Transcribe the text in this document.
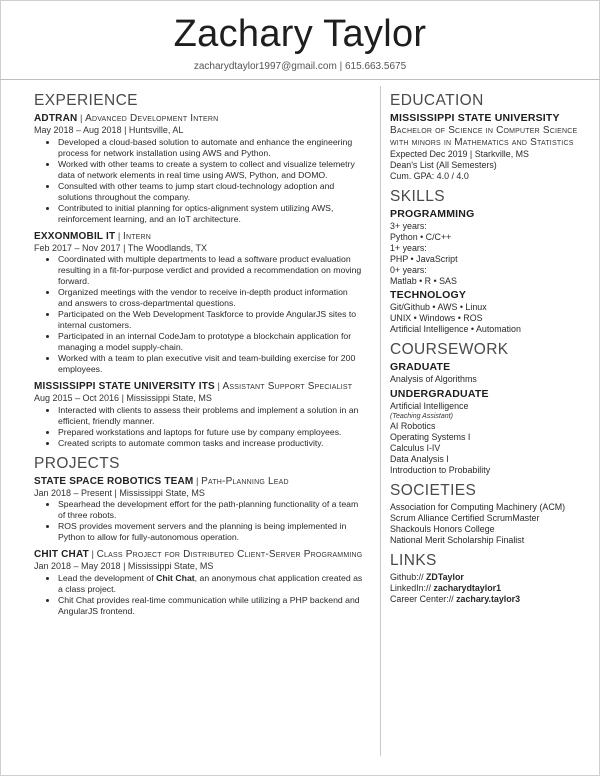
Zachary Taylor
zacharydtaylor1997@gmail.com | 615.663.5675
EXPERIENCE
ADTRAN | Advanced Development Intern
May 2018 – Aug 2018 | Huntsville, AL
• Developed a cloud-based solution to automate and enhance the engineering process for network installation using AWS and Python.
• Worked with other teams to create a system to collect and visualize telemetry data of network elements in real time using AWS, Python, and DOMO.
• Consulted with other teams to jump start cloud-technology adoption and solutions throughout the company.
• Contributed to initial planning for optics-alignment system utilizing AWS, reinforcement learning, and an IoT architecture.
EXXONMOBIL IT | Intern
Feb 2017 – Nov 2017 | The Woodlands, TX
• Coordinated with multiple departments to lead a software product evaluation resulting in a fit-for-purpose verdict and provided a recommendation on moving forward.
• Organized meetings with the vendor to receive in-depth product information and answers to cross-departmental questions.
• Participated on the Web Development Taskforce to provide AngularJS sites to internal customers.
• Participated in an internal CodeJam to prototype a blockchain application for managing a model supply-chain.
• Worked with a team to plan executive visit and team-building exercise for 200 employees.
MISSISSIPPI STATE UNIVERSITY ITS | Assistant Support Specialist
Aug 2015 – Oct 2016 | Mississippi State, MS
• Interacted with clients to assess their problems and implement a solution in an efficient, friendly manner.
• Prepared workstations and laptops for future use by company employees.
• Created scripts to automate common tasks and increase productivity.
PROJECTS
STATE SPACE ROBOTICS TEAM | Path-Planning Lead
Jan 2018 – Present | Mississippi State, MS
• Spearhead the development effort for the path-planning functionality of a team of three robots.
• ROS provides movement servers and the planning is being implemented in Python to allow for fully-autonomous operation.
CHIT CHAT | Class Project for Distributed Client-Server Programming
Jan 2018 – May 2018 | Mississippi State, MS
• Lead the development of Chit Chat, an anonymous chat application created as a class project.
• Chit Chat provides real-time communication while utilizing a PHP backend and AngularJS frontend.
EDUCATION
MISSISSIPPI STATE UNIVERSITY
Bachelor of Science in Computer Science with minors in Mathematics and Statistics
Expected Dec 2019 | Starkville, MS
Dean's List (All Semesters)
Cum. GPA: 4.0 / 4.0
SKILLS
PROGRAMMING
3+ years:
Python • C/C++
1+ years:
PHP • JavaScript
0+ years:
Matlab • R • SAS
TECHNOLOGY
Git/Github • AWS • Linux
UNIX • Windows • ROS
Artificial Intelligence • Automation
COURSEWORK
GRADUATE
Analysis of Algorithms
UNDERGRADUATE
Artificial Intelligence
(Teaching Assistant)
AI Robotics
Operating Systems I
Calculus I-IV
Data Analysis I
Introduction to Probability
SOCIETIES
Association for Computing Machinery (ACM)
Scrum Alliance Certified ScrumMaster
Shackouls Honors College
National Merit Scholarship Finalist
LINKS
Github:// ZDTaylor
LinkedIn:// zacharydtaylor1
Career Center:// zachary.taylor3
